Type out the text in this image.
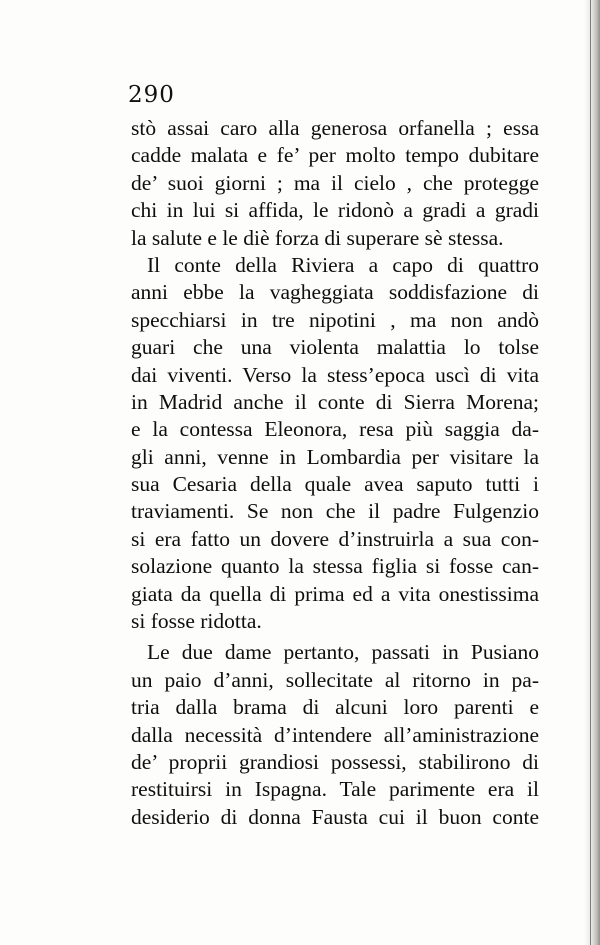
290
stò assai caro alla generosa orfanella ; essa
cadde malata e fe’ per molto tempo dubitare
de’ suoi giorni ; ma il cielo , che protegge
chi in lui si affida, le ridonò a gradi a gradi
la salute e le diè forza di superare sè stessa.
Il conte della Riviera a capo di quattro
anni ebbe la vagheggiata soddisfazione di
specchiarsi in tre nipotini , ma non andò
guari che una violenta malattia lo tolse
dai viventi. Verso la stess’epoca uscì di vita
in Madrid anche il conte di Sierra Morena;
e la contessa Eleonora, resa più saggia da-
gli anni, venne in Lombardia per visitare la
sua Cesaria della quale avea saputo tutti i
traviamenti. Se non che il padre Fulgenzio
si era fatto un dovere d’instruirla a sua con-
solazione quanto la stessa figlia si fosse can-
giata da quella di prima ed a vita onestissima
si fosse ridotta.
Le due dame pertanto, passati in Pusiano
un paio d’anni, sollecitate al ritorno in pa-
tria dalla brama di alcuni loro parenti e
dalla necessità d’intendere all’aministrazione
de’ proprii grandiosi possessi, stabilirono di
restituirsi in Ispagna. Tale parimente era il
desiderio di donna Fausta cui il buon conte
